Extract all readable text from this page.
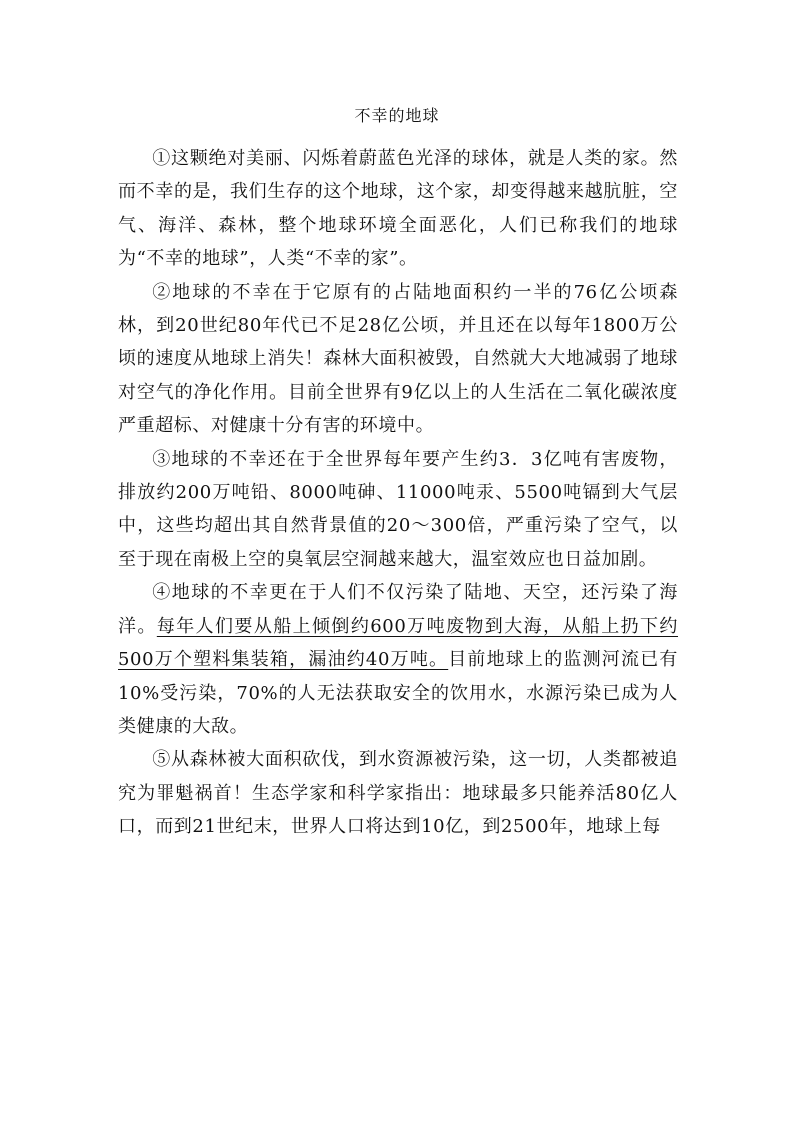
不幸的地球

①这颗绝对美丽、闪烁着蔚蓝色光泽的球体，就是人类的家。然而不幸的是，我们生存的这个地球，这个家，却变得越来越肮脏，空气、海洋、森林，整个地球环境全面恶化，人们已称我们的地球为“不幸的地球”，人类“不幸的家”。

②地球的不幸在于它原有的占陆地面积约一半的76亿公顷森林，到20世纪80年代已不足28亿公顷，并且还在以每年1800万公顷的速度从地球上消失！森林大面积被毁，自然就大大地减弱了地球对空气的净化作用。目前全世界有9亿以上的人生活在二氧化碳浓度严重超标、对健康十分有害的环境中。

③地球的不幸还在于全世界每年要产生约3．3亿吨有害废物，排放约200万吨铅、8000吨砷、11000吨汞、5500吨镉到大气层中，这些均超出其自然背景值的20～300倍，严重污染了空气，以至于现在南极上空的臭氧层空洞越来越大，温室效应也日益加剧。

④地球的不幸更在于人们不仅污染了陆地、天空，还污染了海洋。每年人们要从船上倾倒约600万吨废物到大海，从船上扔下约500万个塑料集装箱，漏油约40万吨。目前地球上的监测河流已有10%受污染，70%的人无法获取安全的饮用水，水源污染已成为人类健康的大敌。

⑤从森林被大面积砍伐，到水资源被污染，这一切，人类都被追究为罪魁祸首！生态学家和科学家指出：地球最多只能养活80亿人口，而到21世纪末，世界人口将达到10亿，到2500年，地球上每
